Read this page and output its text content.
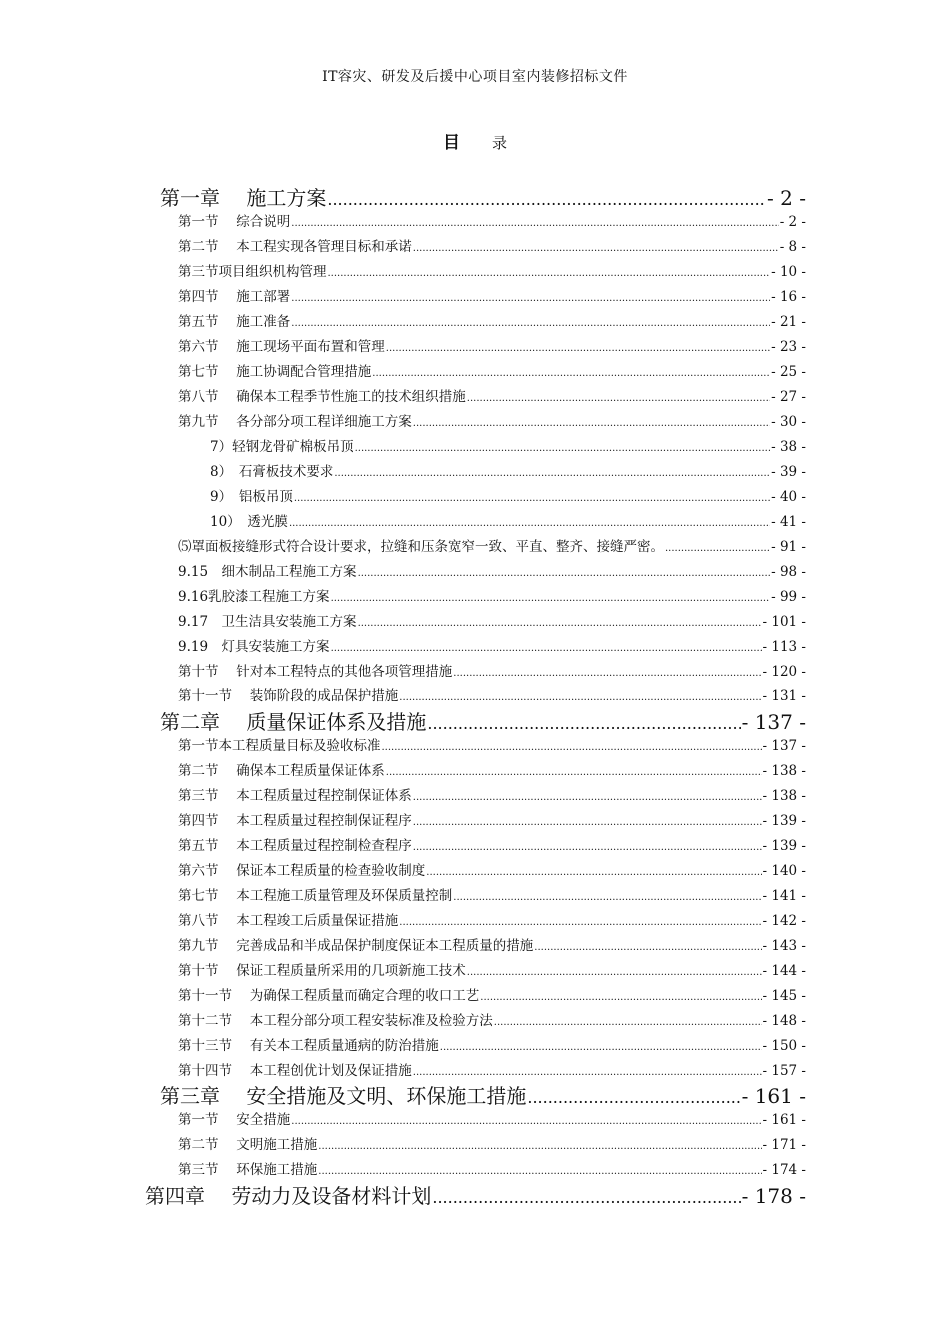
IT容灾、研发及后援中心项目室内装修招标文件
目 录
第一章　 施工方案 .....	- 2 -
第一节　 综合说明 .....	- 2 -
第二节　 本工程实现各管理目标和承诺 .....	- 8 -
第三节项目组织机构管理 .....	- 10 -
第四节　 施工部署 .....	- 16 -
第五节　 施工准备 .....	- 21 -
第六节　 施工现场平面布置和管理 .....	- 23 -
第七节　 施工协调配合管理措施 .....	- 25 -
第八节　 确保本工程季节性施工的技术组织措施 .....	- 27 -
第九节　 各分部分项工程详细施工方案 .....	- 30 -
7）轻钢龙骨矿棉板吊顶 .....	- 38 -
8）　石膏板技术要求 .....	- 39 -
9）　铝板吊顶 .....	- 40 -
10）　透光膜 .....	- 41 -
⑸罩面板接缝形式符合设计要求，拉缝和压条宽窄一致、平直、整齐、接缝严密。 .....	- 91 -
9.15　细木制品工程施工方案 .....	- 98 -
9.16乳胶漆工程施工方案 .....	- 99 -
9.17　卫生洁具安装施工方案 .....	- 101 -
9.19　灯具安装施工方案 .....	- 113 -
第十节　 针对本工程特点的其他各项管理措施 .....	- 120 -
第十一节　 装饰阶段的成品保护措施 .....	- 131 -
第二章　 质量保证体系及措施 .....	- 137 -
第一节本工程质量目标及验收标准 .....	- 137 -
第二节　 确保本工程质量保证体系 .....	- 138 -
第三节　 本工程质量过程控制保证体系 .....	- 138 -
第四节　 本工程质量过程控制保证程序 .....	- 139 -
第五节　 本工程质量过程控制检查程序 .....	- 139 -
第六节　 保证本工程质量的检查验收制度 .....	- 140 -
第七节　 本工程施工质量管理及环保质量控制 .....	- 141 -
第八节　 本工程竣工后质量保证措施 .....	- 142 -
第九节　 完善成品和半成品保护制度保证本工程质量的措施 .....	- 143 -
第十节　 保证工程质量所采用的几项新施工技术 .....	- 144 -
第十一节　 为确保工程质量而确定合理的收口工艺 .....	- 145 -
第十二节　 本工程分部分项工程安装标准及检验方法 .....	- 148 -
第十三节　 有关本工程质量通病的防治措施 .....	- 150 -
第十四节　 本工程创优计划及保证措施 .....	- 157 -
第三章　 安全措施及文明、环保施工措施 .....	- 161 -
第一节　 安全措施 .....	- 161 -
第二节　 文明施工措施 .....	- 171 -
第三节　 环保施工措施 .....	- 174 -
第四章　 劳动力及设备材料计划 .....	- 178 -
